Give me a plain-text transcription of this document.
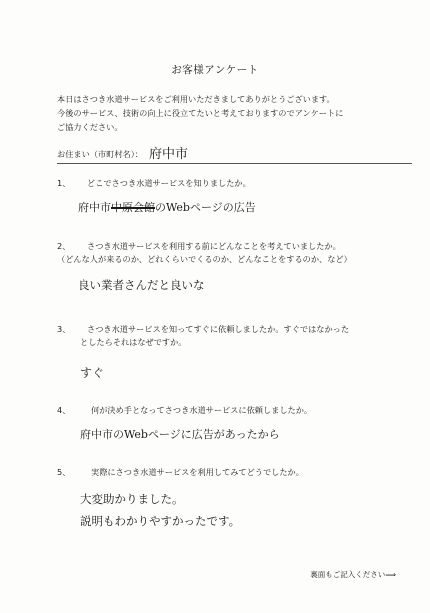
お客様アンケート
本日はさつき水道サービスをご利用いただきましてありがとうございます。
今後のサービス、技術の向上に役立てたいと考えておりますのでアンケートに
ご協力ください。
お住まい（市町村名）： 府中市
1、 どこでさつき水道サービスを知りましたか。
府中市中原会館のWebページの広告
2、	さつき水道サービスを利用する前にどんなことを考えていましたか。
（どんな人が来るのか、どれくらいでくるのか、どんなことをするのか、など）
良い業者さんだと良いな
3、 さつき水道サービスを知ってすぐに依頼しましたか。すぐではなかった
としたらそれはなぜですか。
すぐ
4、	何が決め手となってさつき水道サービスに依頼しましたか。
府中市のWebページに広告があったから
5、	実際にさつき水道サービスを利用してみてどうでしたか。
大変助かりました。
説明もわかりやすかったです。
裏面もご記入ください⟹
